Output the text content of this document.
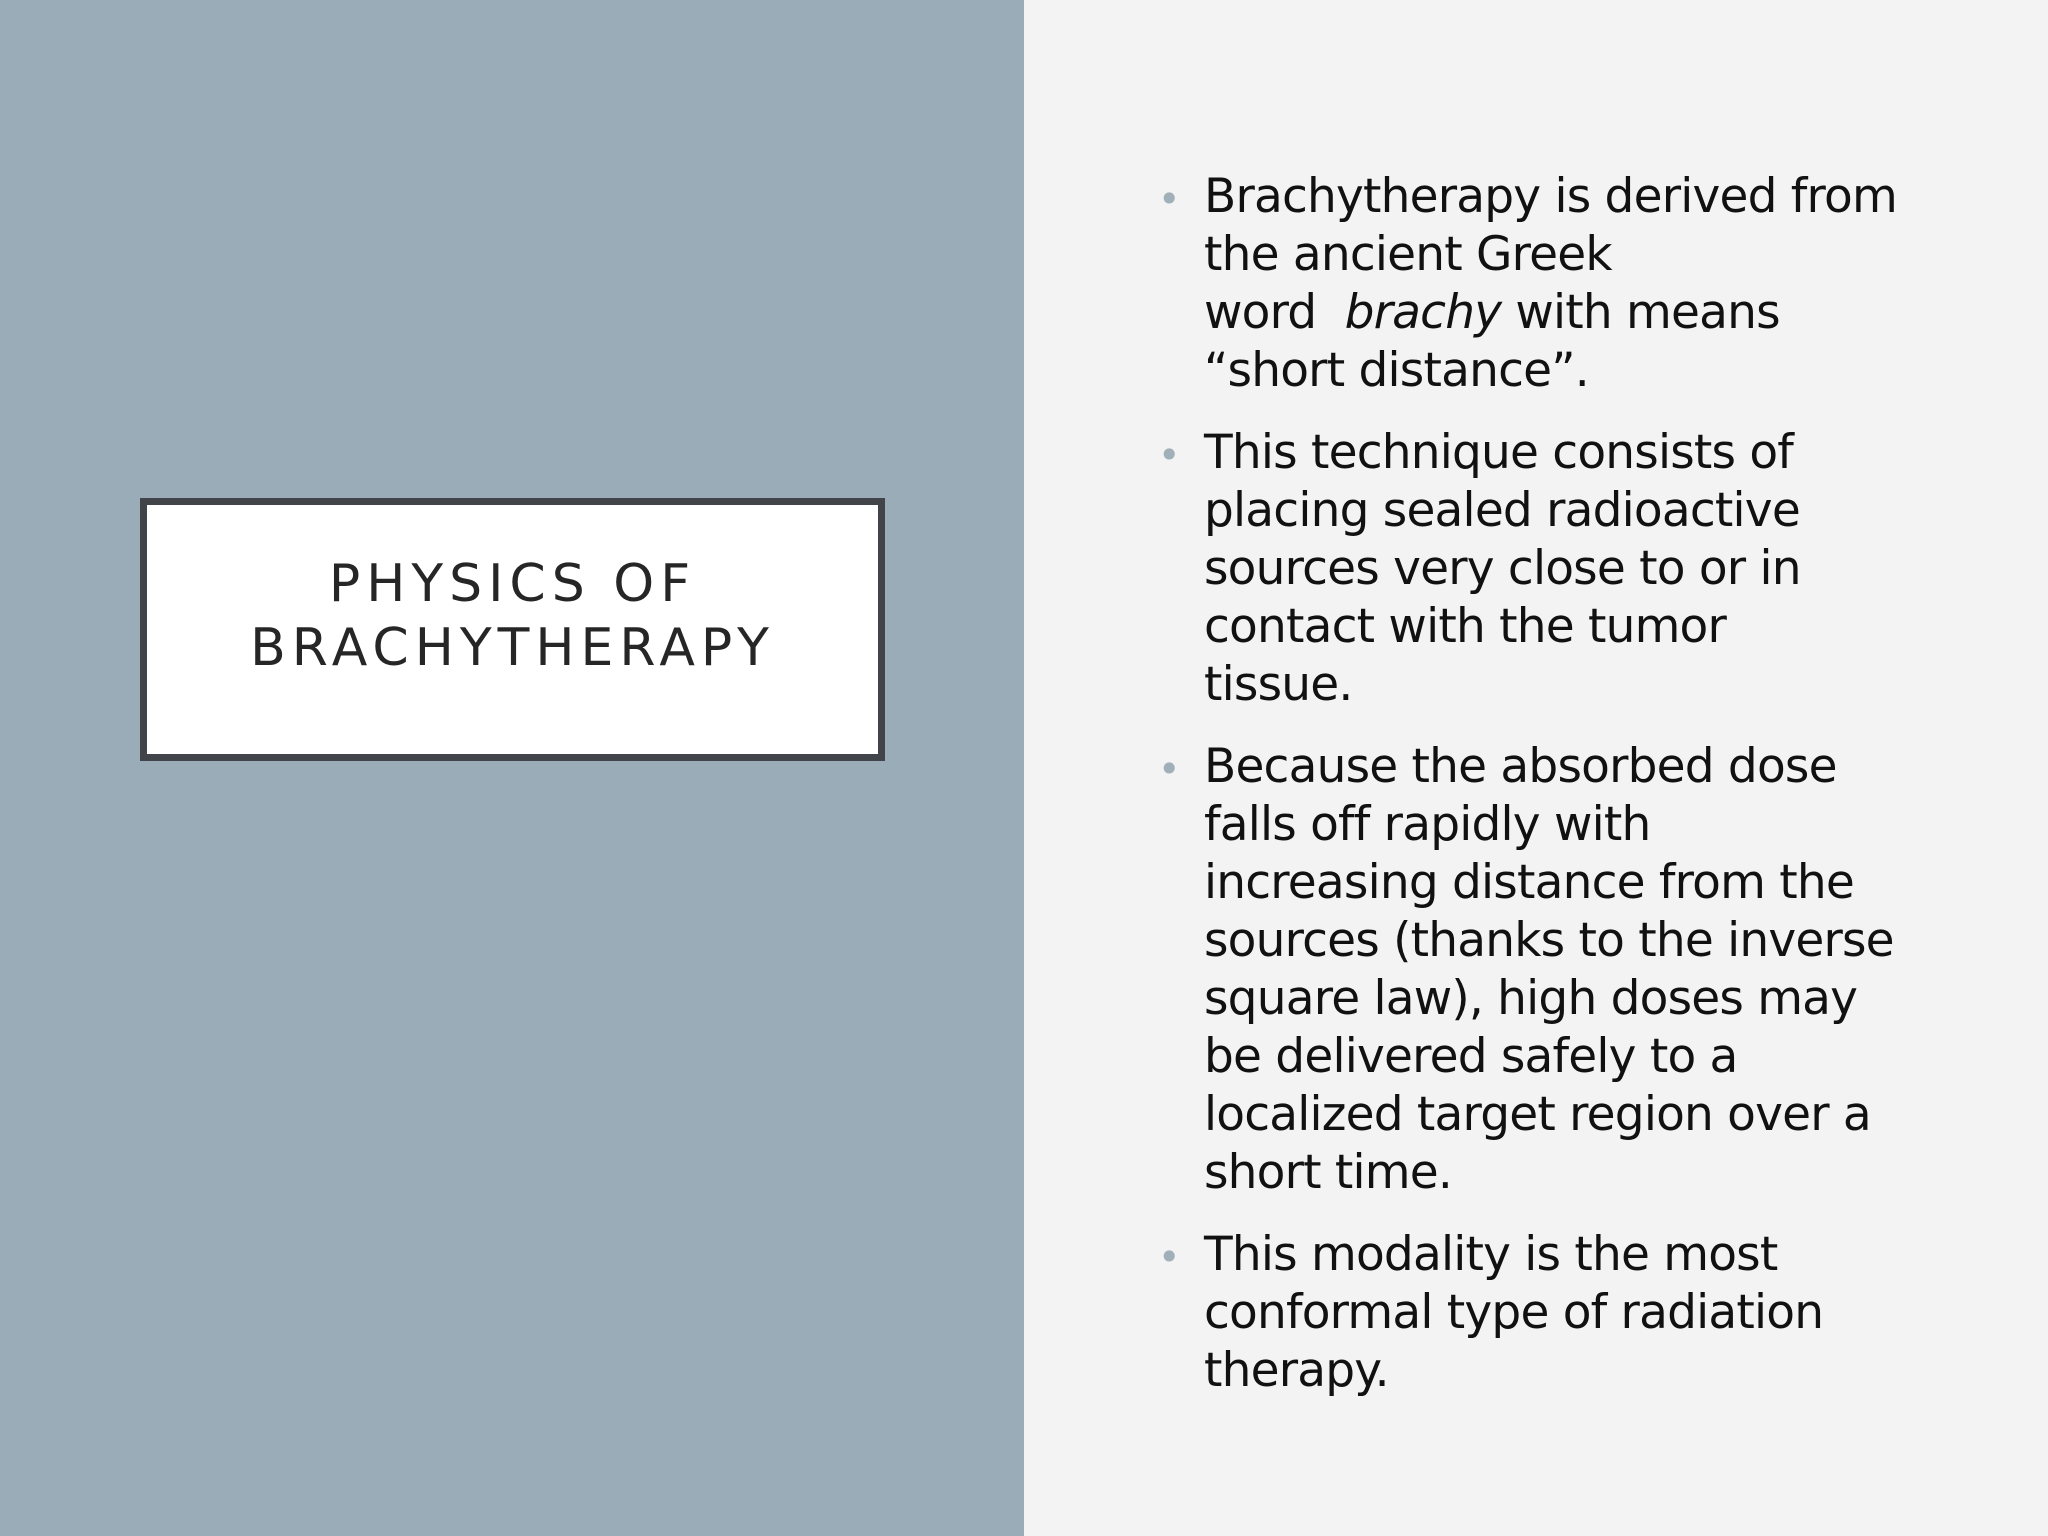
PHYSICS OF
BRACHYTHERAPY
• Brachytherapy is derived from
the ancient Greek
word  brachy with means
“short distance”.
• This technique consists of
placing sealed radioactive
sources very close to or in
contact with the tumor
tissue.
• Because the absorbed dose
falls off rapidly with
increasing distance from the
sources (thanks to the inverse
square law), high doses may
be delivered safely to a
localized target region over a
short time.
• This modality is the most
conformal type of radiation
therapy.
